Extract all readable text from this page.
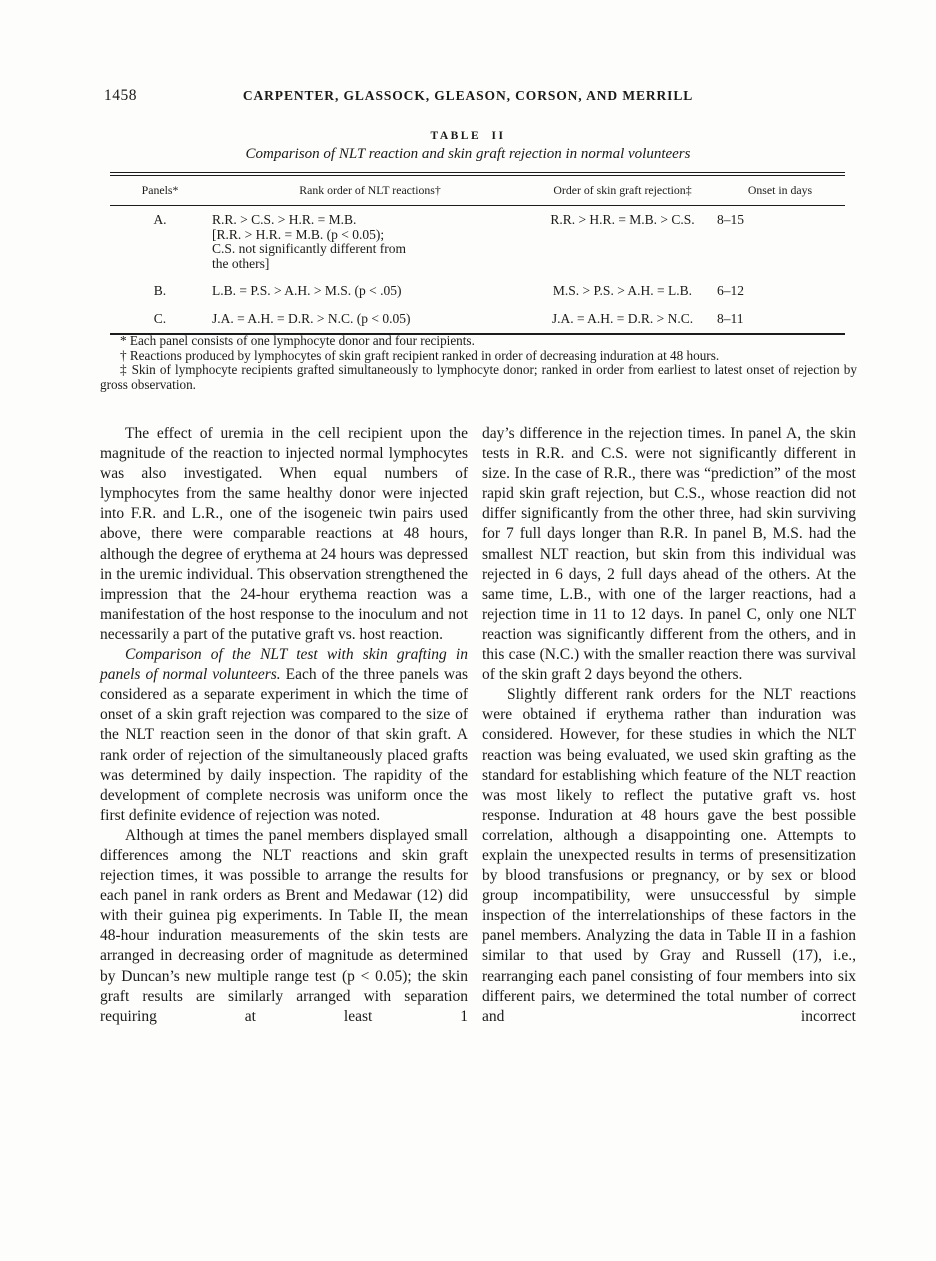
1458	CARPENTER, GLASSOCK, GLEASON, CORSON, AND MERRILL
TABLE II
Comparison of NLT reaction and skin graft rejection in normal volunteers
Panels*	Rank order of NLT reactions†	Order of skin graft rejection‡	Onset in days
A.	R.R. > C.S. > H.R. = M.B.
[R.R. > H.R. = M.B. (p < 0.05);
C.S. not significantly different from
the others]	R.R. > H.R. = M.B. > C.S.	8–15
B.	L.B. = P.S. > A.H. > M.S. (p < .05)	M.S. > P.S. > A.H. = L.B.	6–12
C.	J.A. = A.H. = D.R. > N.C. (p < 0.05)	J.A. = A.H. = D.R. > N.C.	8–11

* Each panel consists of one lymphocyte donor and four recipients.

† Reactions produced by lymphocytes of skin graft recipient ranked in order of decreasing induration at 48 hours.

‡ Skin of lymphocyte recipients grafted simultaneously to lymphocyte donor; ranked in order from earliest to latest onset of rejection by gross observation.

The effect of uremia in the cell recipient upon the magnitude of the reaction to injected normal lymphocytes was also investigated. When equal numbers of lymphocytes from the same healthy donor were injected into F.R. and L.R., one of the isogeneic twin pairs used above, there were comparable reactions at 48 hours, although the degree of erythema at 24 hours was depressed in the uremic individual. This observation strengthened the impression that the 24-hour erythema reaction was a manifestation of the host response to the inoculum and not necessarily a part of the putative graft vs. host reaction.

Comparison of the NLT test with skin grafting in panels of normal volunteers. Each of the three panels was considered as a separate experiment in which the time of onset of a skin graft rejection was compared to the size of the NLT reaction seen in the donor of that skin graft. A rank order of rejection of the simultaneously placed grafts was determined by daily inspection. The rapidity of the development of complete necrosis was uniform once the first definite evidence of rejection was noted.

Although at times the panel members displayed small differences among the NLT reactions and skin graft rejection times, it was possible to arrange the results for each panel in rank orders as Brent and Medawar (12) did with their guinea pig experiments. In Table II, the mean 48-hour induration measurements of the skin tests are arranged in decreasing order of magnitude as determined by Duncan’s new multiple range test (p < 0.05); the skin graft results are similarly arranged with separation requiring at least 1

day’s difference in the rejection times. In panel A, the skin tests in R.R. and C.S. were not significantly different in size. In the case of R.R., there was “prediction” of the most rapid skin graft rejection, but C.S., whose reaction did not differ significantly from the other three, had skin surviving for 7 full days longer than R.R. In panel B, M.S. had the smallest NLT reaction, but skin from this individual was rejected in 6 days, 2 full days ahead of the others. At the same time, L.B., with one of the larger reactions, had a rejection time in 11 to 12 days. In panel C, only one NLT reaction was significantly different from the others, and in this case (N.C.) with the smaller reaction there was survival of the skin graft 2 days beyond the others.

Slightly different rank orders for the NLT reactions were obtained if erythema rather than induration was considered. However, for these studies in which the NLT reaction was being evaluated, we used skin grafting as the standard for establishing which feature of the NLT reaction was most likely to reflect the putative graft vs. host response. Induration at 48 hours gave the best possible correlation, although a disappointing one. Attempts to explain the unexpected results in terms of presensitization by blood transfusions or pregnancy, or by sex or blood group incompatibility, were unsuccessful by simple inspection of the interrelationships of these factors in the panel members. Analyzing the data in Table II in a fashion similar to that used by Gray and Russell (17), i.e., rearranging each panel consisting of four members into six different pairs, we determined the total number of correct and incorrect
